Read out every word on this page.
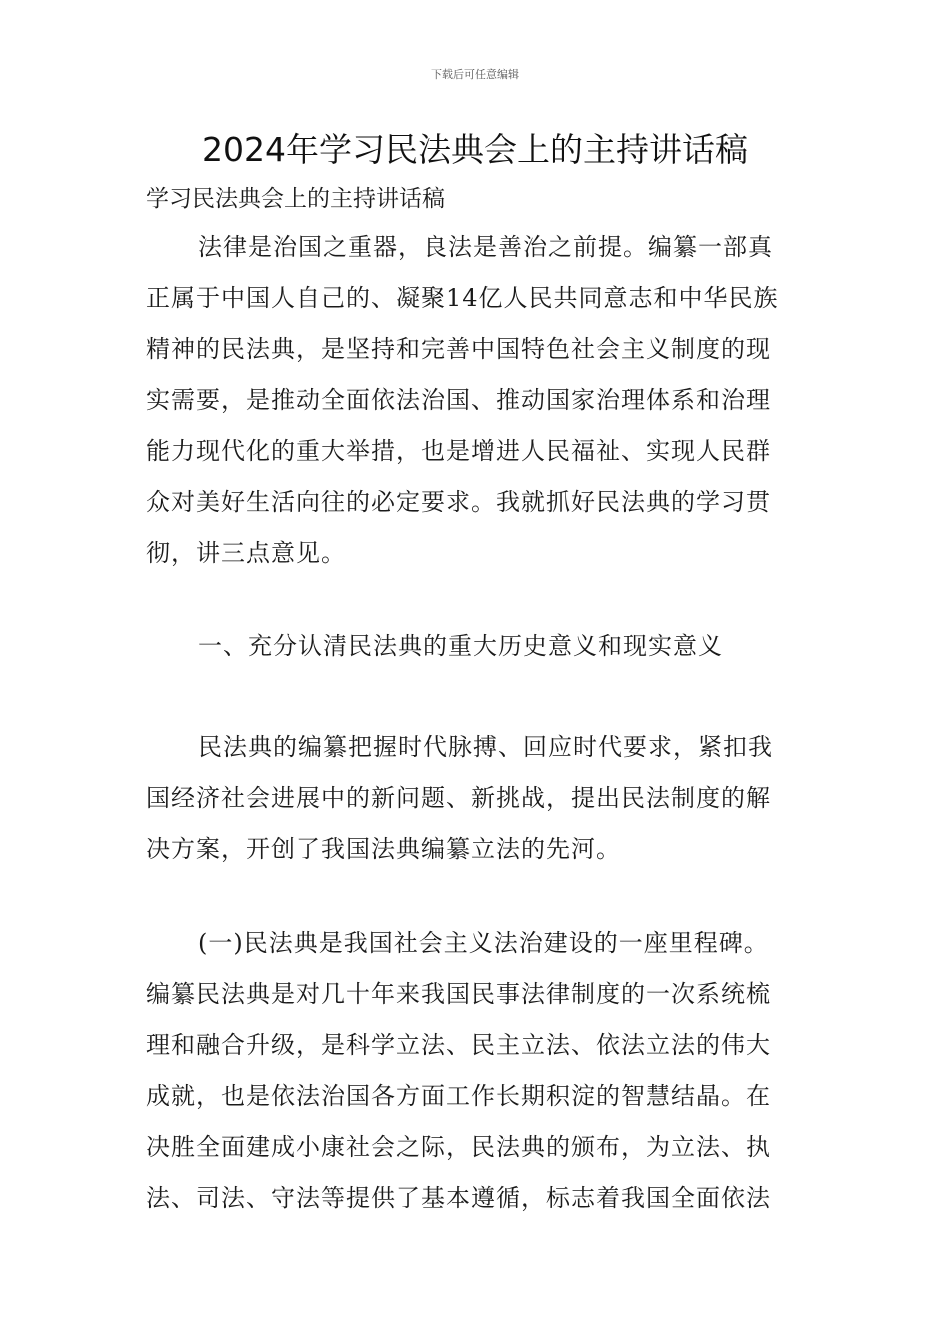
下载后可任意编辑
2024年学习民法典会上的主持讲话稿
学习民法典会上的主持讲话稿
法律是治国之重器，良法是善治之前提。编纂一部真
正属于中国人自己的、凝聚14亿人民共同意志和中华民族
精神的民法典，是坚持和完善中国特色社会主义制度的现
实需要，是推动全面依法治国、推动国家治理体系和治理
能力现代化的重大举措，也是增进人民福祉、实现人民群
众对美好生活向往的必定要求。我就抓好民法典的学习贯
彻，讲三点意见。
一、充分认清民法典的重大历史意义和现实意义
民法典的编纂把握时代脉搏、回应时代要求，紧扣我
国经济社会进展中的新问题、新挑战，提出民法制度的解
决方案，开创了我国法典编纂立法的先河。
(一)民法典是我国社会主义法治建设的一座里程碑。
编纂民法典是对几十年来我国民事法律制度的一次系统梳
理和融合升级，是科学立法、民主立法、依法立法的伟大
成就，也是依法治国各方面工作长期积淀的智慧结晶。在
决胜全面建成小康社会之际，民法典的颁布，为立法、执
法、司法、守法等提供了基本遵循，标志着我国全面依法
